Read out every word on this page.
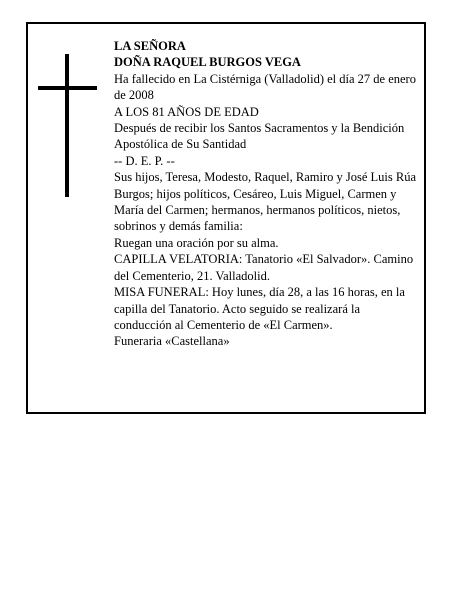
LA SEÑORA

DOÑA RAQUEL BURGOS VEGA

Ha fallecido en La Cistérniga (Valladolid) el día 27 de enero de 2008

A LOS 81 AÑOS DE EDAD

Después de recibir los Santos Sacramentos y la Bendición Apostólica de Su Santidad

-- D. E. P. --

Sus hijos, Teresa, Modesto, Raquel, Ramiro y José Luis Rúa Burgos; hijos políticos, Cesáreo, Luis Miguel, Carmen y María del Carmen; hermanos, hermanos políticos, nietos, sobrinos y demás familia:

Ruegan una oración por su alma.

CAPILLA VELATORIA: Tanatorio «El Salvador». Camino del Cementerio, 21. Valladolid.

MISA FUNERAL: Hoy lunes, día 28, a las 16 horas, en la capilla del Tanatorio. Acto seguido se realizará la conducción al Cementerio de «El Carmen».

Funeraria «Castellana»
